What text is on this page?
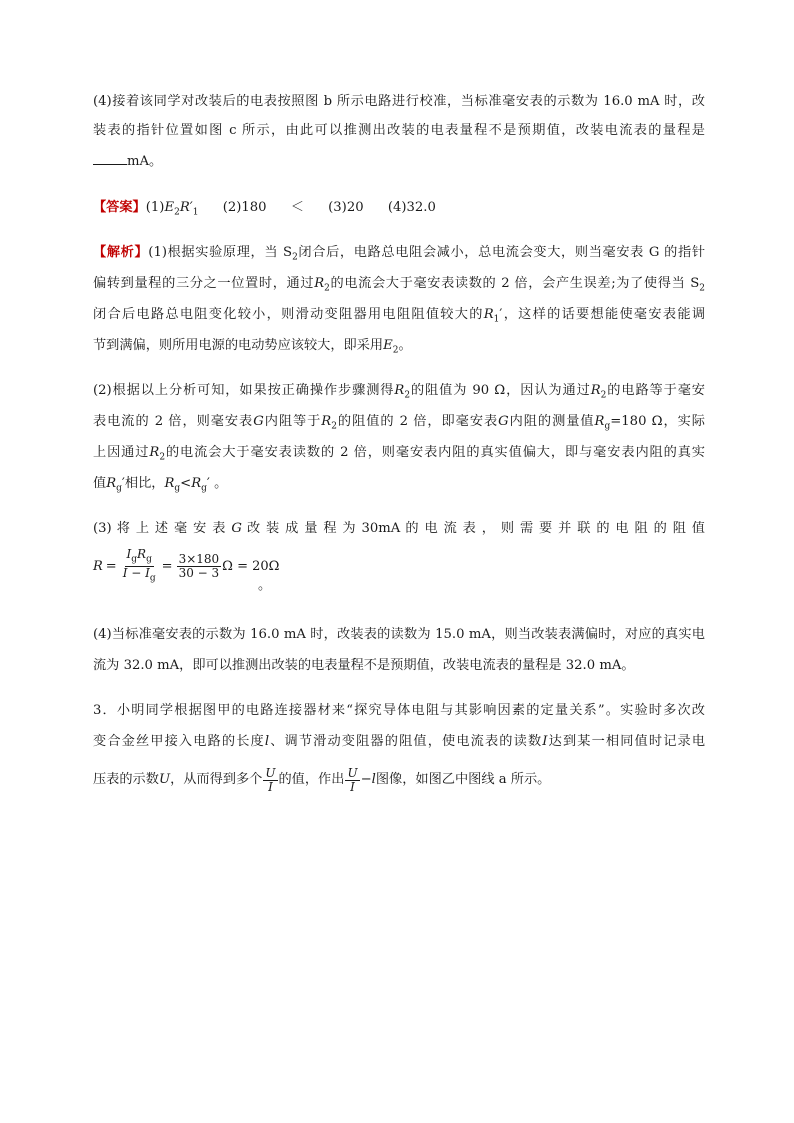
(4)接着该同学对改装后的电表按照图 b 所示电路进行校准，当标准毫安表的示数为 16.0 mA 时，改
装表的指针位置如图 c 所示，由此可以推测出改装的电表量程不是预期值，改装电流表的量程是
mA。
【答案】$(1)E_2R'_1$ (2)180 ＜ (3)20 (4)32.0
【解析】(1)根据实验原理，当 $S_2$闭合后，电路总电阻会减小，总电流会变大，则当毫安表 G 的指针
偏转到量程的三分之一位置时，通过$R_2$的电流会大于毫安表读数的 2 倍，会产生误差;为了使得当 $S_2$
闭合后电路总电阻变化较小，则滑动变阻器用电阻阻值较大的$R_1'$，这样的话要想能使毫安表能调
节到满偏，则所用电源的电动势应该较大，即采用$E_2$。
(2)根据以上分析可知，如果按正确操作步骤测得$R_2$的阻值为 90 Ω，因认为通过$R_2$的电路等于毫安
表电流的 2 倍，则毫安表G内阻等于$R_2$的阻值的 2 倍，即毫安表G内阻的测量值$R_g=180$ Ω，实际
上因通过$R_2$的电流会大于毫安表读数的 2 倍，则毫安表内阻的真实值偏大，即与毫安表内阻的真实
值$R_g'$相比，$R_g<R_g'$ 。
(3) 将 上 述 毫 安 表 G 改 装 成 量 程 为 30mA 的 电 流 表 ， 则 需 要 并 联 的 电 阻 的 阻 值
$R = \frac{I_gR_g}{I - I_g} = \frac{3\times 180}{30 - 3}$ Ω = 20Ω
。
(4)当标准毫安表的示数为 16.0 mA 时，改装表的读数为 15.0 mA，则当改装表满偏时，对应的真实电
流为 32.0 mA，即可以推测出改装的电表量程不是预期值，改装电流表的量程是 32.0 mA。
3．小明同学根据图甲的电路连接器材来“探究导体电阻与其影响因素的定量关系”。实验时多次改
变合金丝甲接入电路的长度l、调节滑动变阻器的阻值，使电流表的读数I达到某一相同值时记录电
压表的示数 U ，从而得到多个 $\frac{U}{I}$ 的值，作出 $\frac{U}{I} - l$ 图像，如图乙中图线 a 所示。
